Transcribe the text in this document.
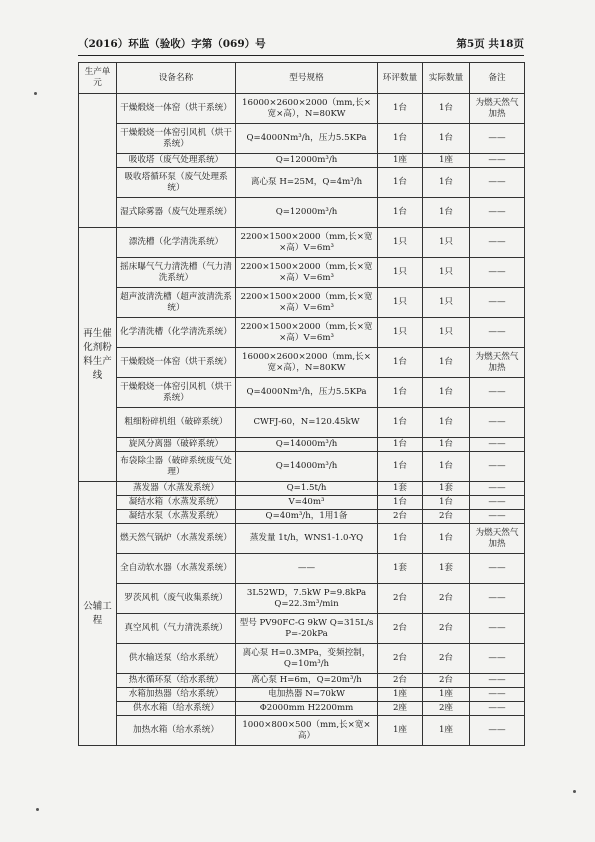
（2016）环监（验收）字第（069）号	第5页 共18页
生产单元	设备名称	型号规格	环评数量	实际数量	备注
	干燥煅烧一体窑（烘干系统）	16000×2600×2000（mm,长×宽×高），N=80KW	1台	1台	为燃天然气加热
	干燥煅烧一体窑引风机（烘干系统）	Q=4000Nm³/h，压力5.5KPa	1台	1台	——
	吸收塔（废气处理系统）	Q=12000m³/h	1座	1座	——
	吸收塔循环泵（废气处理系统）	离心泵 H=25M，Q=4m³/h	1台	1台	——
	湿式除雾器（废气处理系统）	Q=12000m³/h	1台	1台	——
再生催化剂粉料生产线	漂洗槽（化学清洗系统）	2200×1500×2000（mm,长×宽×高）V=6m³	1只	1只	——
	摇床曝气气力清洗槽（气力清洗系统）	2200×1500×2000（mm,长×宽×高）V=6m³	1只	1只	——
	超声波清洗槽（超声波清洗系统）	2200×1500×2000（mm,长×宽×高）V=6m³	1只	1只	——
	化学清洗槽（化学清洗系统）	2200×1500×2000（mm,长×宽×高）V=6m³	1只	1只	——
	干燥煅烧一体窑（烘干系统）	16000×2600×2000（mm,长×宽×高），N=80KW	1台	1台	为燃天然气加热
	干燥煅烧一体窑引风机（烘干系统）	Q=4000Nm³/h，压力5.5KPa	1台	1台	——
	粗细粉碎机组（破碎系统）	CWFJ-60，N=120.45kW	1台	1台	——
	旋风分离器（破碎系统）	Q=14000m³/h	1台	1台	——
	布袋除尘器（破碎系统废气处理）	Q=14000m³/h	1台	1台	——
公辅工程	蒸发器（水蒸发系统）	Q=1.5t/h	1套	1套	——
	凝结水箱（水蒸发系统）	V=40m³	1台	1台	——
	凝结水泵（水蒸发系统）	Q=40m³/h，1用1备	2台	2台	——
	燃天然气锅炉（水蒸发系统）	蒸发量 1t/h，WNS1-1.0-YQ	1台	1台	为燃天然气加热
	全自动软水器（水蒸发系统）	——	1套	1套	——
	罗茨风机（废气收集系统）	3L52WD，7.5kW P=9.8kPa Q=22.3m³/min	2台	2台	——
	真空风机（气力清洗系统）	型号 PV90FC-G 9kW Q=315L/s P=-20kPa	2台	2台	——
	供水输送泵（给水系统）	离心泵 H=0.3MPa，变频控制，Q=10m³/h	2台	2台	——
	热水循环泵（给水系统）	离心泵 H=6m，Q=20m³/h	2台	2台	——
	水箱加热器（给水系统）	电加热器 N=70kW	1座	1座	——
	供水水箱（给水系统）	Φ2000mm H2200mm	2座	2座	——
	加热水箱（给水系统）	1000×800×500（mm,长×宽×高）	1座	1座	——
